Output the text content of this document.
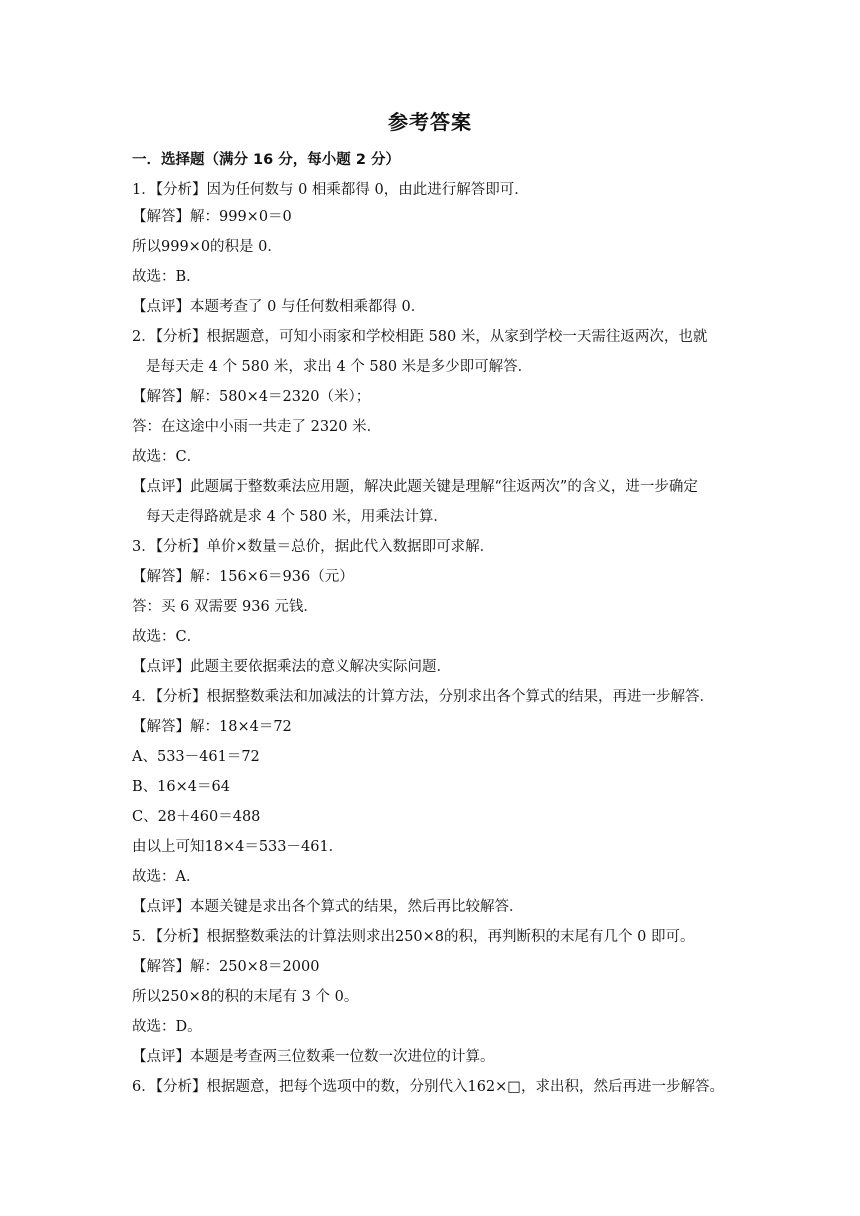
参考答案
一．选择题（满分 16 分，每小题 2 分）
1．【分析】因为任何数与 0 相乘都得 0，由此进行解答即可．
【解答】解：999×0＝0
所以999×0的积是 0．
故选：B．
【点评】本题考查了 0 与任何数相乘都得 0．
2．【分析】根据题意，可知小雨家和学校相距 580 米，从家到学校一天需往返两次，也就
是每天走 4 个 580 米，求出 4 个 580 米是多少即可解答．
【解答】解：580×4＝2320（米）；
答：在这途中小雨一共走了 2320 米．
故选：C．
【点评】此题属于整数乘法应用题，解决此题关键是理解“往返两次”的含义，进一步确定
每天走得路就是求 4 个 580 米，用乘法计算．
3．【分析】单价×数量＝总价，据此代入数据即可求解．
【解答】解：156×6＝936（元）
答：买 6 双需要 936 元钱．
故选：C．
【点评】此题主要依据乘法的意义解决实际问题．
4．【分析】根据整数乘法和加减法的计算方法，分别求出各个算式的结果，再进一步解答．
【解答】解：18×4＝72
A、533－461＝72
B、16×4＝64
C、28＋460＝488
由以上可知18×4＝533－461．
故选：A．
【点评】本题关键是求出各个算式的结果，然后再比较解答．
5．【分析】根据整数乘法的计算法则求出250×8的积，再判断积的末尾有几个 0 即可。
【解答】解：250×8＝2000
所以250×8的积的末尾有 3 个 0。
故选：D。
【点评】本题是考查两三位数乘一位数一次进位的计算。
6．【分析】根据题意，把每个选项中的数，分别代入162×□，求出积，然后再进一步解答。
